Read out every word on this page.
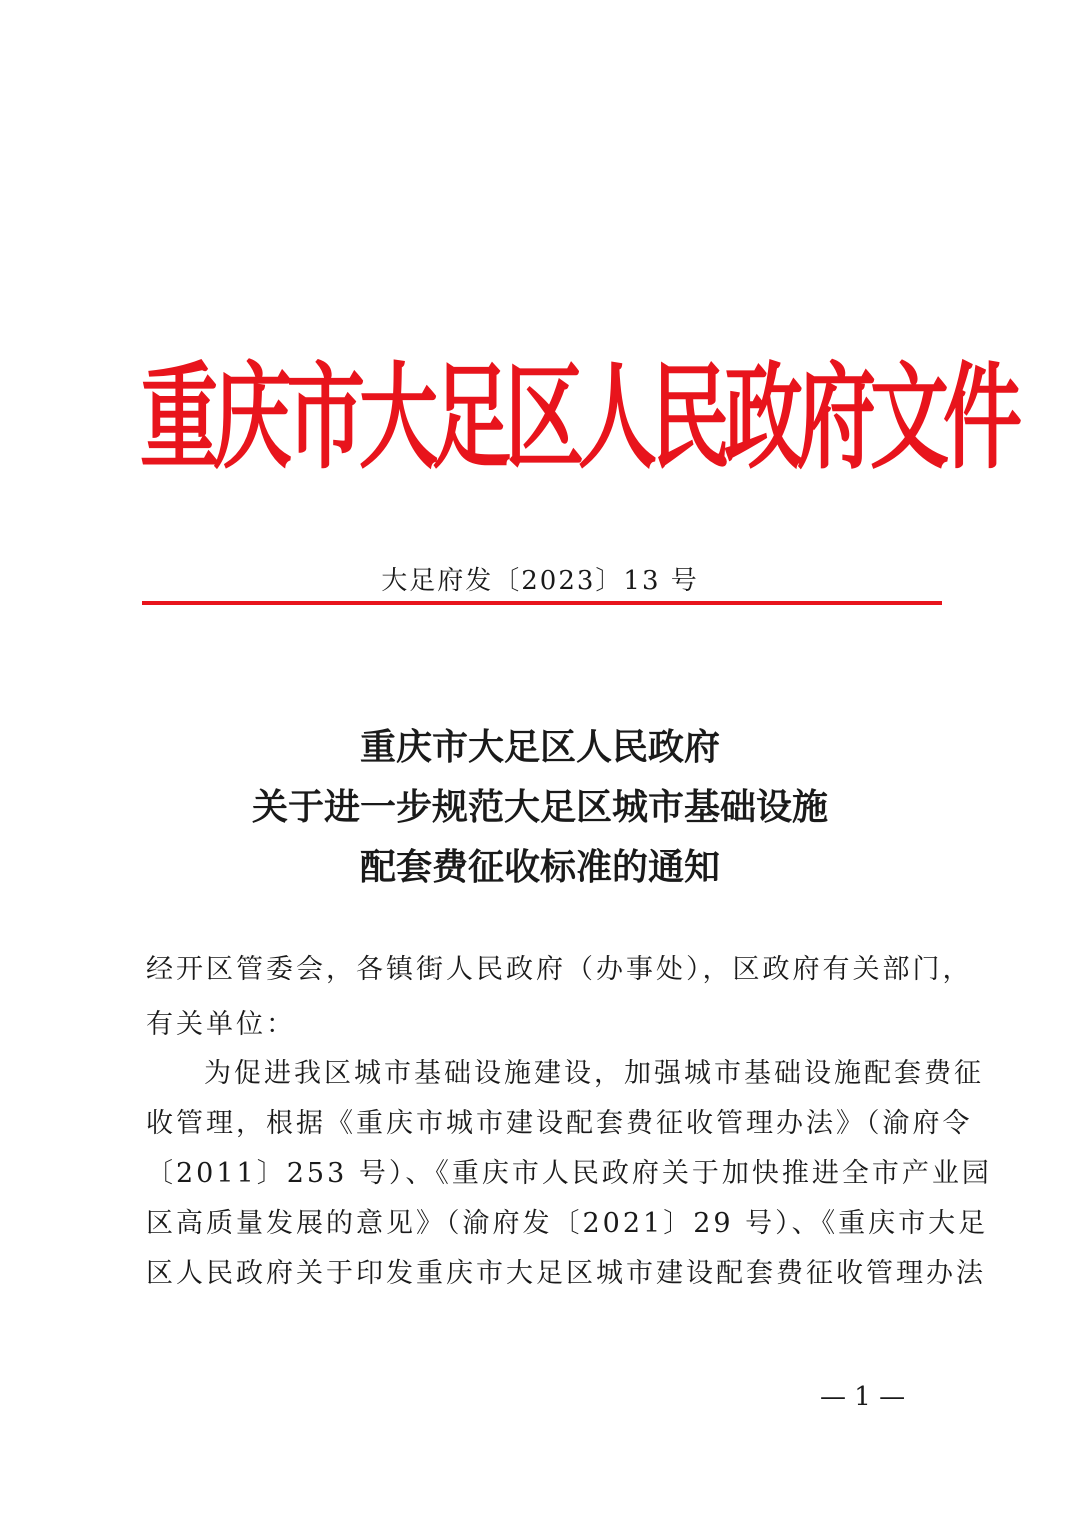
重庆市大足区人民政府文件
大足府发〔2023〕13 号
重庆市大足区人民政府
关于进一步规范大足区城市基础设施
配套费征收标准的通知
经开区管委会，各镇街人民政府（办事处），区政府有关部门，
有关单位：
为促进我区城市基础设施建设，加强城市基础设施配套费征
收管理，根据《重庆市城市建设配套费征收管理办法》（渝府令
〔2011〕253 号）、《重庆市人民政府关于加快推进全市产业园
区高质量发展的意见》（渝府发〔2021〕29 号）、《重庆市大足
区人民政府关于印发重庆市大足区城市建设配套费征收管理办法
— 1 —
